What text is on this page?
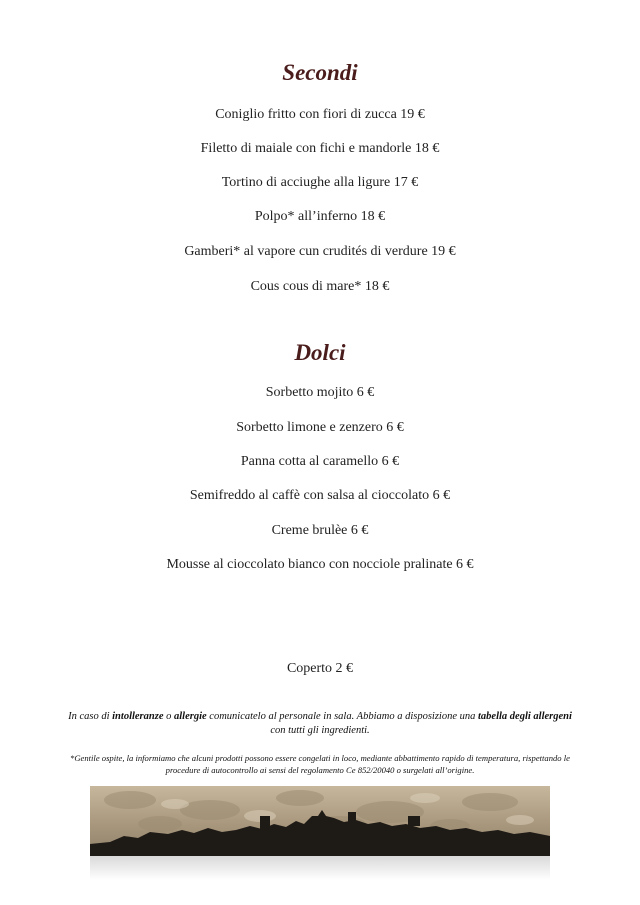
Secondi

Coniglio fritto con fiori di zucca 19 €

Filetto di maiale con fichi e mandorle 18 €

Tortino di acciughe alla ligure 17 €

Polpo* all’inferno 18 €

Gamberi* al vapore cun crudités di verdure 19 €

Cous cous di mare* 18 €

Dolci

Sorbetto mojito 6 €

Sorbetto limone e zenzero 6 €

Panna cotta al caramello 6 €

Semifreddo al caffè con salsa al cioccolato 6 €

Creme brulèe 6 €

Mousse al cioccolato bianco con nocciole pralinate 6 €

Coperto 2 €

In caso di intolleranze o allergie comunicatelo al personale in sala. Abbiamo a disposizione una tabella degli allergeni con tutti gli ingredienti.

*Gentile ospite, la informiamo che alcuni prodotti possono essere congelati in loco, mediante abbattimento rapido di temperatura, rispettando le procedure di autocontrollo ai sensi del regolamento Ce 852/20040 o surgelati all’origine.
